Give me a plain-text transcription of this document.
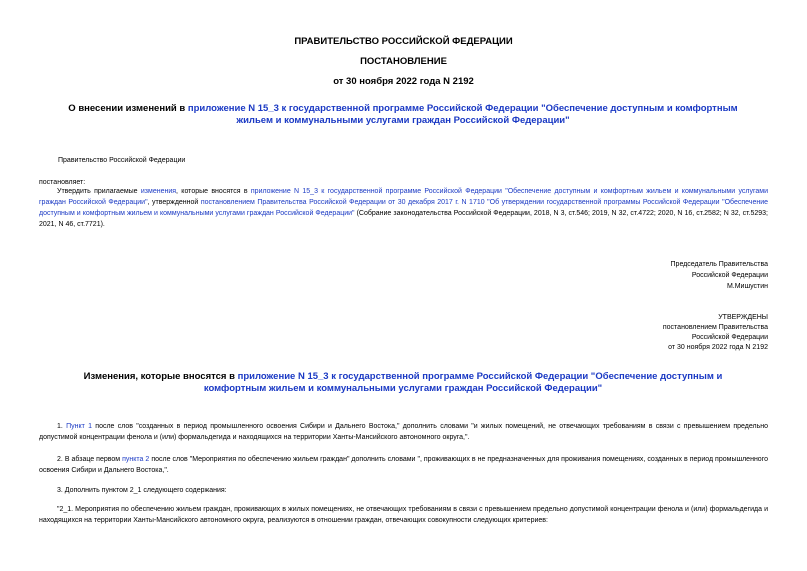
ПРАВИТЕЛЬСТВО РОССИЙСКОЙ ФЕДЕРАЦИИ
ПОСТАНОВЛЕНИЕ
от 30 ноября 2022 года N 2192
О внесении изменений в приложение N 15_3 к государственной программе Российской Федерации "Обеспечение доступным и комфортным жильем и коммунальными услугами граждан Российской Федерации"
Правительство Российской Федерации
постановляет:
Утвердить прилагаемые изменения, которые вносятся в приложение N 15_3 к государственной программе Российской Федерации "Обеспечение доступным и комфортным жильем и коммунальными услугами граждан Российской Федерации", утвержденной постановлением Правительства Российской Федерации от 30 декабря 2017 г. N 1710 "Об утверждении государственной программы Российской Федерации "Обеспечение доступным и комфортным жильем и коммунальными услугами граждан Российской Федерации" (Собрание законодательства Российской Федерации, 2018, N 3, ст.546; 2019, N 32, ст.4722; 2020, N 16, ст.2582; N 32, ст.5293; 2021, N 46, ст.7721).
Председатель Правительства
Российской Федерации
М.Мишустин
УТВЕРЖДЕНЫ
постановлением Правительства
Российской Федерации
от 30 ноября 2022 года N 2192
Изменения, которые вносятся в приложение N 15_3 к государственной программе Российской Федерации "Обеспечение доступным и комфортным жильем и коммунальными услугами граждан Российской Федерации"
1. Пункт 1 после слов "созданных в период промышленного освоения Сибири и Дальнего Востока," дополнить словами "и жилых помещений, не отвечающих требованиям в связи с превышением предельно допустимой концентрации фенола и (или) формальдегида и находящихся на территории Ханты-Мансийского автономного округа,".
2. В абзаце первом пункта 2 после слов "Мероприятия по обеспечению жильем граждан" дополнить словами ", проживающих в не предназначенных для проживания помещениях, созданных в период промышленного освоения Сибири и Дальнего Востока,".
3. Дополнить пунктом 2_1 следующего содержания:
"2_1. Мероприятия по обеспечению жильем граждан, проживающих в жилых помещениях, не отвечающих требованиям в связи с превышением предельно допустимой концентрации фенола и (или) формальдегида и находящихся на территории Ханты-Мансийского автономного округа, реализуются в отношении граждан, отвечающих совокупности следующих критериев:
